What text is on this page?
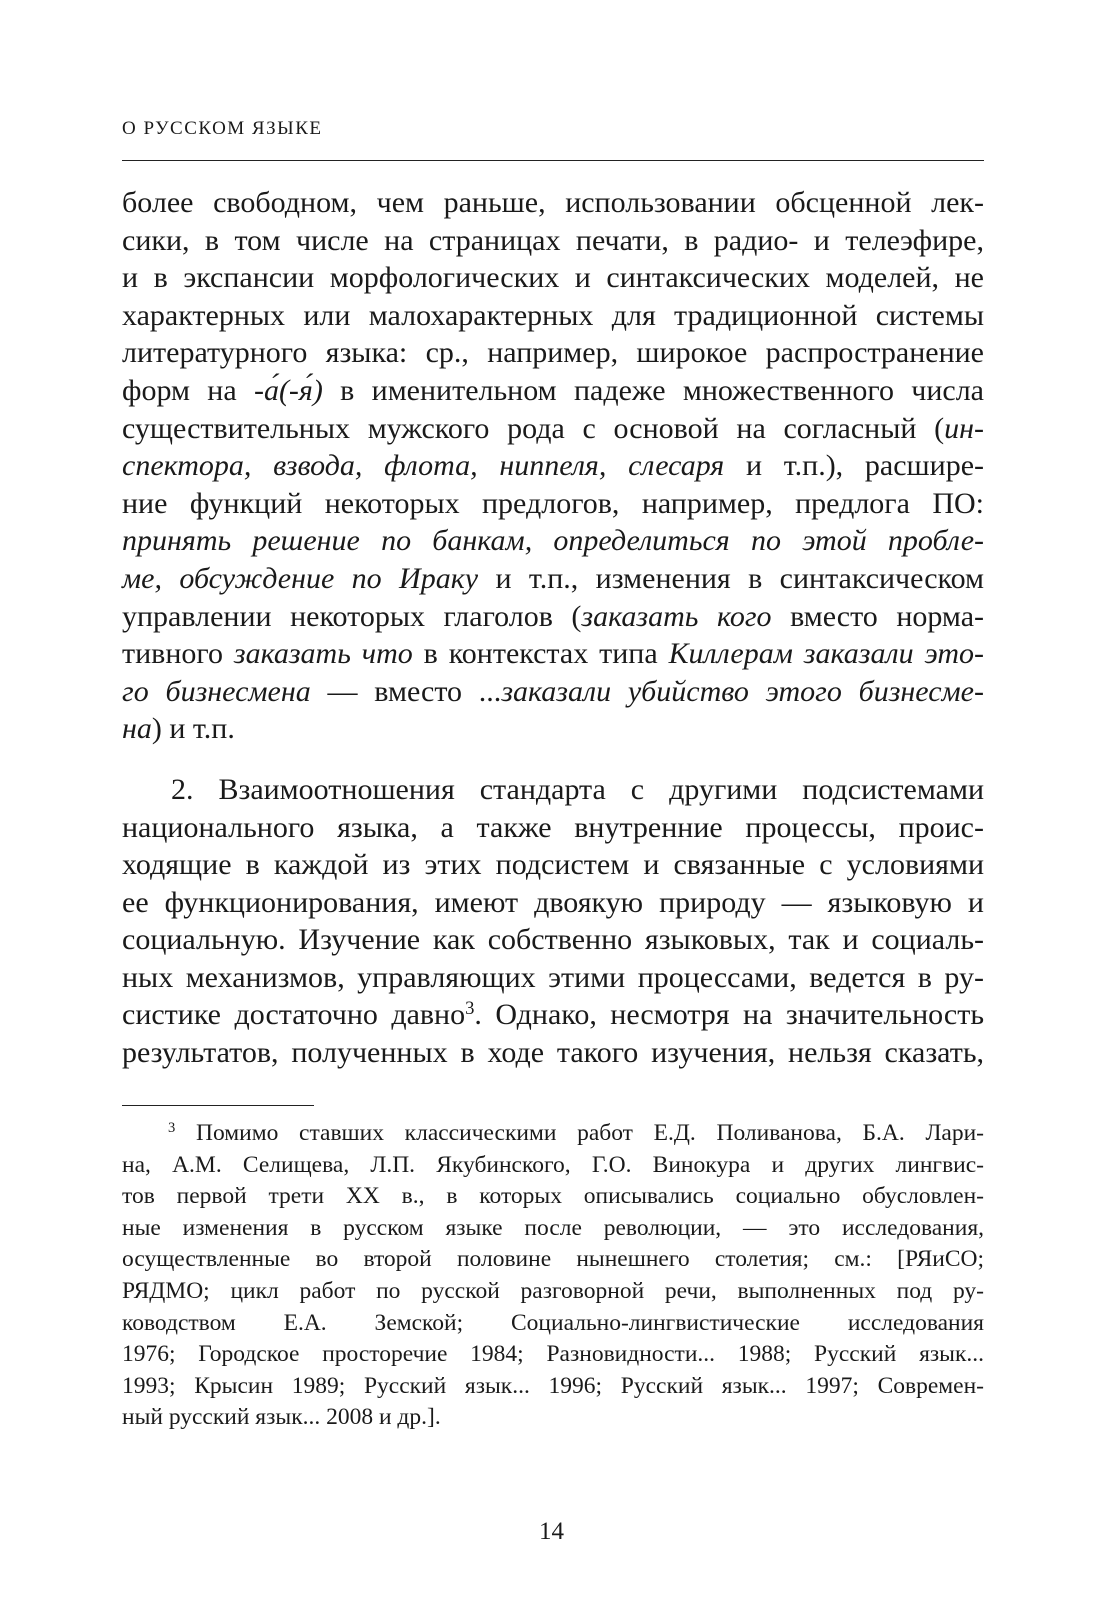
О РУССКОМ ЯЗЫКЕ
более свободном, чем раньше, использовании обсценной лек-
сики, в том числе на страницах печати, в радио- и телеэфире,
и в экспансии морфологических и синтаксических моделей, не
характерных или малохарактерных для традиционной системы
литературного языка: ср., например, широкое распространение
форм на -а́(-я́) в именительном падеже множественного числа
существительных мужского рода с основой на согласный (ин-
спектора, взвода, флота, ниппеля, слесаря и т.п.), расшире-
ние функций некоторых предлогов, например, предлога ПО:
принять решение по банкам, определиться по этой пробле-
ме, обсуждение по Ираку и т.п., изменения в синтаксическом
управлении некоторых глаголов (заказать кого вместо норма-
тивного заказать что в контекстах типа Киллерам заказали это-
го бизнесмена — вместо ...заказали убийство этого бизнесме-
на) и т.п.
2. Взаимоотношения стандарта с другими подсистемами
национального языка, а также внутренние процессы, проис-
ходящие в каждой из этих подсистем и связанные с условиями
ее функционирования, имеют двоякую природу — языковую и
социальную. Изучение как собственно языковых, так и социаль-
ных механизмов, управляющих этими процессами, ведется в ру-
систике достаточно давно$^3$. Однако, несмотря на значительность
результатов, полученных в ходе такого изучения, нельзя сказать,
$^3$ Помимо ставших классическими работ Е.Д. Поливанова, Б.А. Лари-
на, А.М. Селищева, Л.П. Якубинского, Г.О. Винокура и других лингвис-
тов первой трети XX в., в которых описывались социально обусловлен-
ные изменения в русском языке после революции, — это исследования,
осуществленные во второй половине нынешнего столетия; см.: [РЯиСО;
РЯДМО; цикл работ по русской разговорной речи, выполненных под ру-
ководством Е.А. Земской; Социально-лингвистические исследования
1976; Городское просторечие 1984; Разновидности... 1988; Русский язык...
1993; Крысин 1989; Русский язык... 1996; Русский язык... 1997; Современ-
ный русский язык... 2008 и др.].
14
